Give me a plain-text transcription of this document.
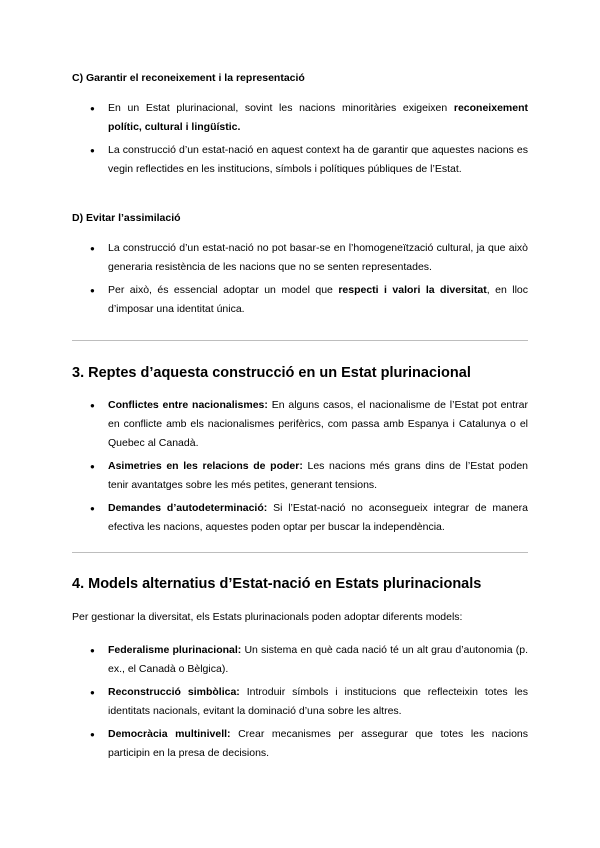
C) Garantir el reconeixement i la representació
● En un Estat plurinacional, sovint les nacions minoritàries exigeixen reconeixement polític, cultural i lingüístic.
● La construcció d’un estat-nació en aquest context ha de garantir que aquestes nacions es vegin reflectides en les institucions, símbols i polítiques públiques de l’Estat.
D) Evitar l’assimilació
● La construcció d’un estat-nació no pot basar-se en l’homogeneïtzació cultural, ja que això generaria resistència de les nacions que no se senten representades.
● Per això, és essencial adoptar un model que respecti i valori la diversitat, en lloc d’imposar una identitat única.
3. Reptes d’aquesta construcció en un Estat plurinacional
● Conflictes entre nacionalismes: En alguns casos, el nacionalisme de l’Estat pot entrar en conflicte amb els nacionalismes perifèrics, com passa amb Espanya i Catalunya o el Quebec al Canadà.
● Asimetries en les relacions de poder: Les nacions més grans dins de l’Estat poden tenir avantatges sobre les més petites, generant tensions.
● Demandes d’autodeterminació: Si l’Estat-nació no aconsegueix integrar de manera efectiva les nacions, aquestes poden optar per buscar la independència.
4. Models alternatius d’Estat-nació en Estats plurinacionals

Per gestionar la diversitat, els Estats plurinacionals poden adoptar diferents models:

● Federalisme plurinacional: Un sistema en què cada nació té un alt grau d’autonomia (p. ex., el Canadà o Bèlgica).
● Reconstrucció simbòlica: Introduir símbols i institucions que reflecteixin totes les identitats nacionals, evitant la dominació d’una sobre les altres.
● Democràcia multinivell: Crear mecanismes per assegurar que totes les nacions participin en la presa de decisions.
